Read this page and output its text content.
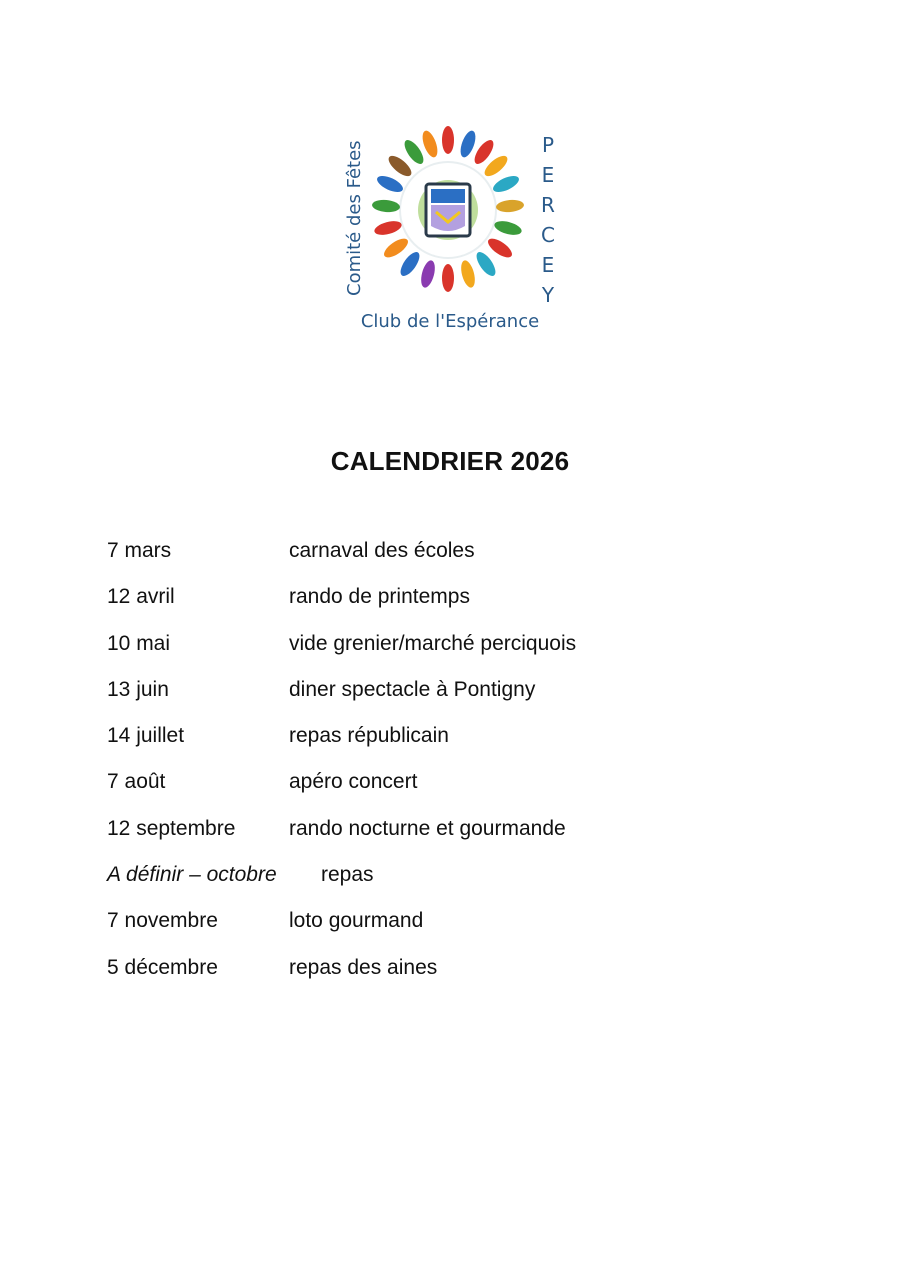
Comité des Fêtes	P
E
R
C
E
Y
Club de l'Espérance
CALENDRIER 2026
7 mars	carnaval des écoles
12 avril	rando de printemps
10 mai	vide grenier/marché perciquois
13 juin	diner spectacle à Pontigny
14 juillet	repas républicain
7 août	apéro concert
12 septembre	rando nocturne et gourmande
A définir – octobre repas
7 novembre	loto gourmand
5 décembre	repas des aines
